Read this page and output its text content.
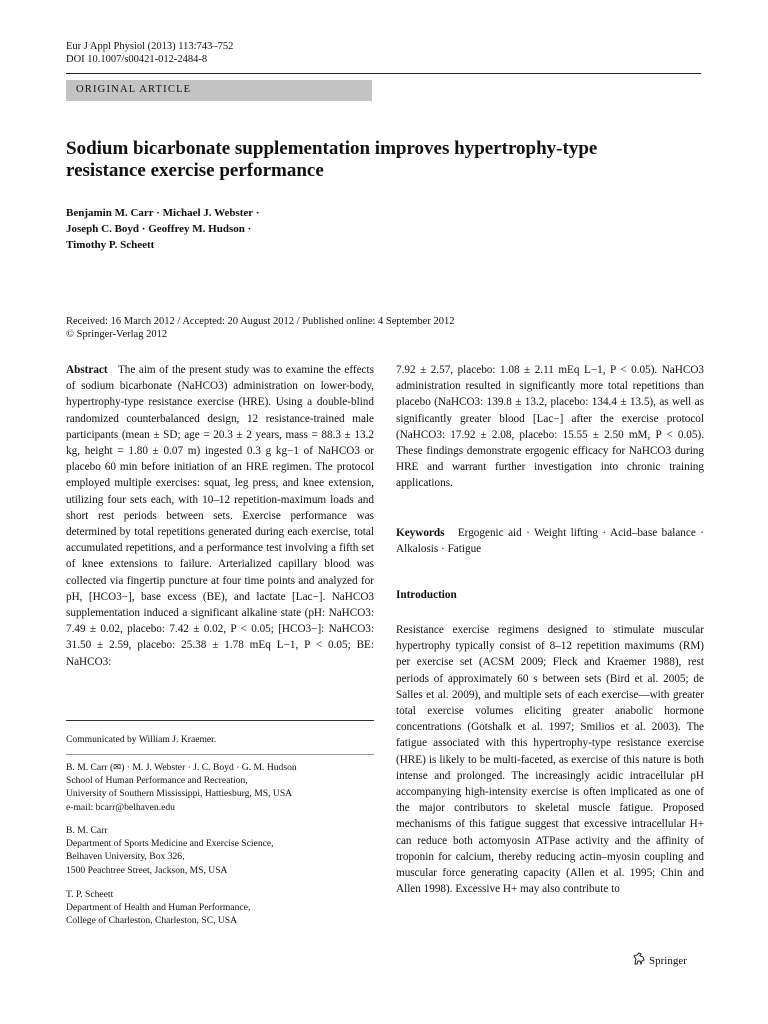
Eur J Appl Physiol (2013) 113:743–752
DOI 10.1007/s00421-012-2484-8
ORIGINAL ARTICLE
Sodium bicarbonate supplementation improves hypertrophy-type
resistance exercise performance
Benjamin M. Carr · Michael J. Webster ·
Joseph C. Boyd · Geoffrey M. Hudson ·
Timothy P. Scheett
Received: 16 March 2012 / Accepted: 20 August 2012 / Published online: 4 September 2012
© Springer-Verlag 2012
Abstract The aim of the present study was to examine the effects of sodium bicarbonate (NaHCO3) administration on lower-body, hypertrophy-type resistance exercise (HRE). Using a double-blind randomized counterbalanced design, 12 resistance-trained male participants (mean ± SD; age = 20.3 ± 2 years, mass = 88.3 ± 13.2 kg, height = 1.80 ± 0.07 m) ingested 0.3 g kg−1 of NaHCO3 or placebo 60 min before initiation of an HRE regimen. The protocol employed multiple exercises: squat, leg press, and knee extension, utilizing four sets each, with 10–12 repetition-maximum loads and short rest periods between sets. Exercise performance was determined by total repetitions generated during each exercise, total accumulated repetitions, and a performance test involving a fifth set of knee extensions to failure. Arterialized capillary blood was collected via fingertip puncture at four time points and analyzed for pH, [HCO3−], base excess (BE), and lactate [Lac−]. NaHCO3 supplementation induced a significant alkaline state (pH: NaHCO3: 7.49 ± 0.02, placebo: 7.42 ± 0.02, P < 0.05; [HCO3−]: NaHCO3: 31.50 ± 2.59, placebo: 25.38 ± 1.78 mEq L−1, P < 0.05; BE: NaHCO3:
7.92 ± 2.57, placebo: 1.08 ± 2.11 mEq L−1, P < 0.05). NaHCO3 administration resulted in significantly more total repetitions than placebo (NaHCO3: 139.8 ± 13.2, placebo: 134.4 ± 13.5), as well as significantly greater blood [Lac−] after the exercise protocol (NaHCO3: 17.92 ± 2.08, placebo: 15.55 ± 2.50 mM, P < 0.05). These findings demonstrate ergogenic efficacy for NaHCO3 during HRE and warrant further investigation into chronic training applications.
Keywords Ergogenic aid · Weight lifting · Acid–base balance · Alkalosis · Fatigue
Introduction
Resistance exercise regimens designed to stimulate muscular hypertrophy typically consist of 8–12 repetition maximums (RM) per exercise set (ACSM 2009; Fleck and Kraemer 1988), rest periods of approximately 60 s between sets (Bird et al. 2005; de Salles et al. 2009), and multiple sets of each exercise—with greater total exercise volumes eliciting greater anabolic hormone concentrations (Gotshalk et al. 1997; Smilios et al. 2003). The fatigue associated with this hypertrophy-type resistance exercise (HRE) is likely to be multi-faceted, as exercise of this nature is both intense and prolonged. The increasingly acidic intracellular pH accompanying high-intensity exercise is often implicated as one of the major contributors to skeletal muscle fatigue. Proposed mechanisms of this fatigue suggest that excessive intracellular H+ can reduce both actomyosin ATPase activity and the affinity of troponin for calcium, thereby reducing actin–myosin coupling and muscular force generating capacity (Allen et al. 1995; Chin and Allen 1998). Excessive H+ may also contribute to
Communicated by William J. Kraemer.
B. M. Carr (✉) · M. J. Webster · J. C. Boyd · G. M. Hudson
School of Human Performance and Recreation,
University of Southern Mississippi, Hattiesburg, MS, USA
e-mail: bcarr@belhaven.edu
B. M. Carr
Department of Sports Medicine and Exercise Science,
Belhaven University, Box 326,
1500 Peachtree Street, Jackson, MS, USA
T. P. Scheett
Department of Health and Human Performance,
College of Charleston, Charleston, SC, USA
Springer
